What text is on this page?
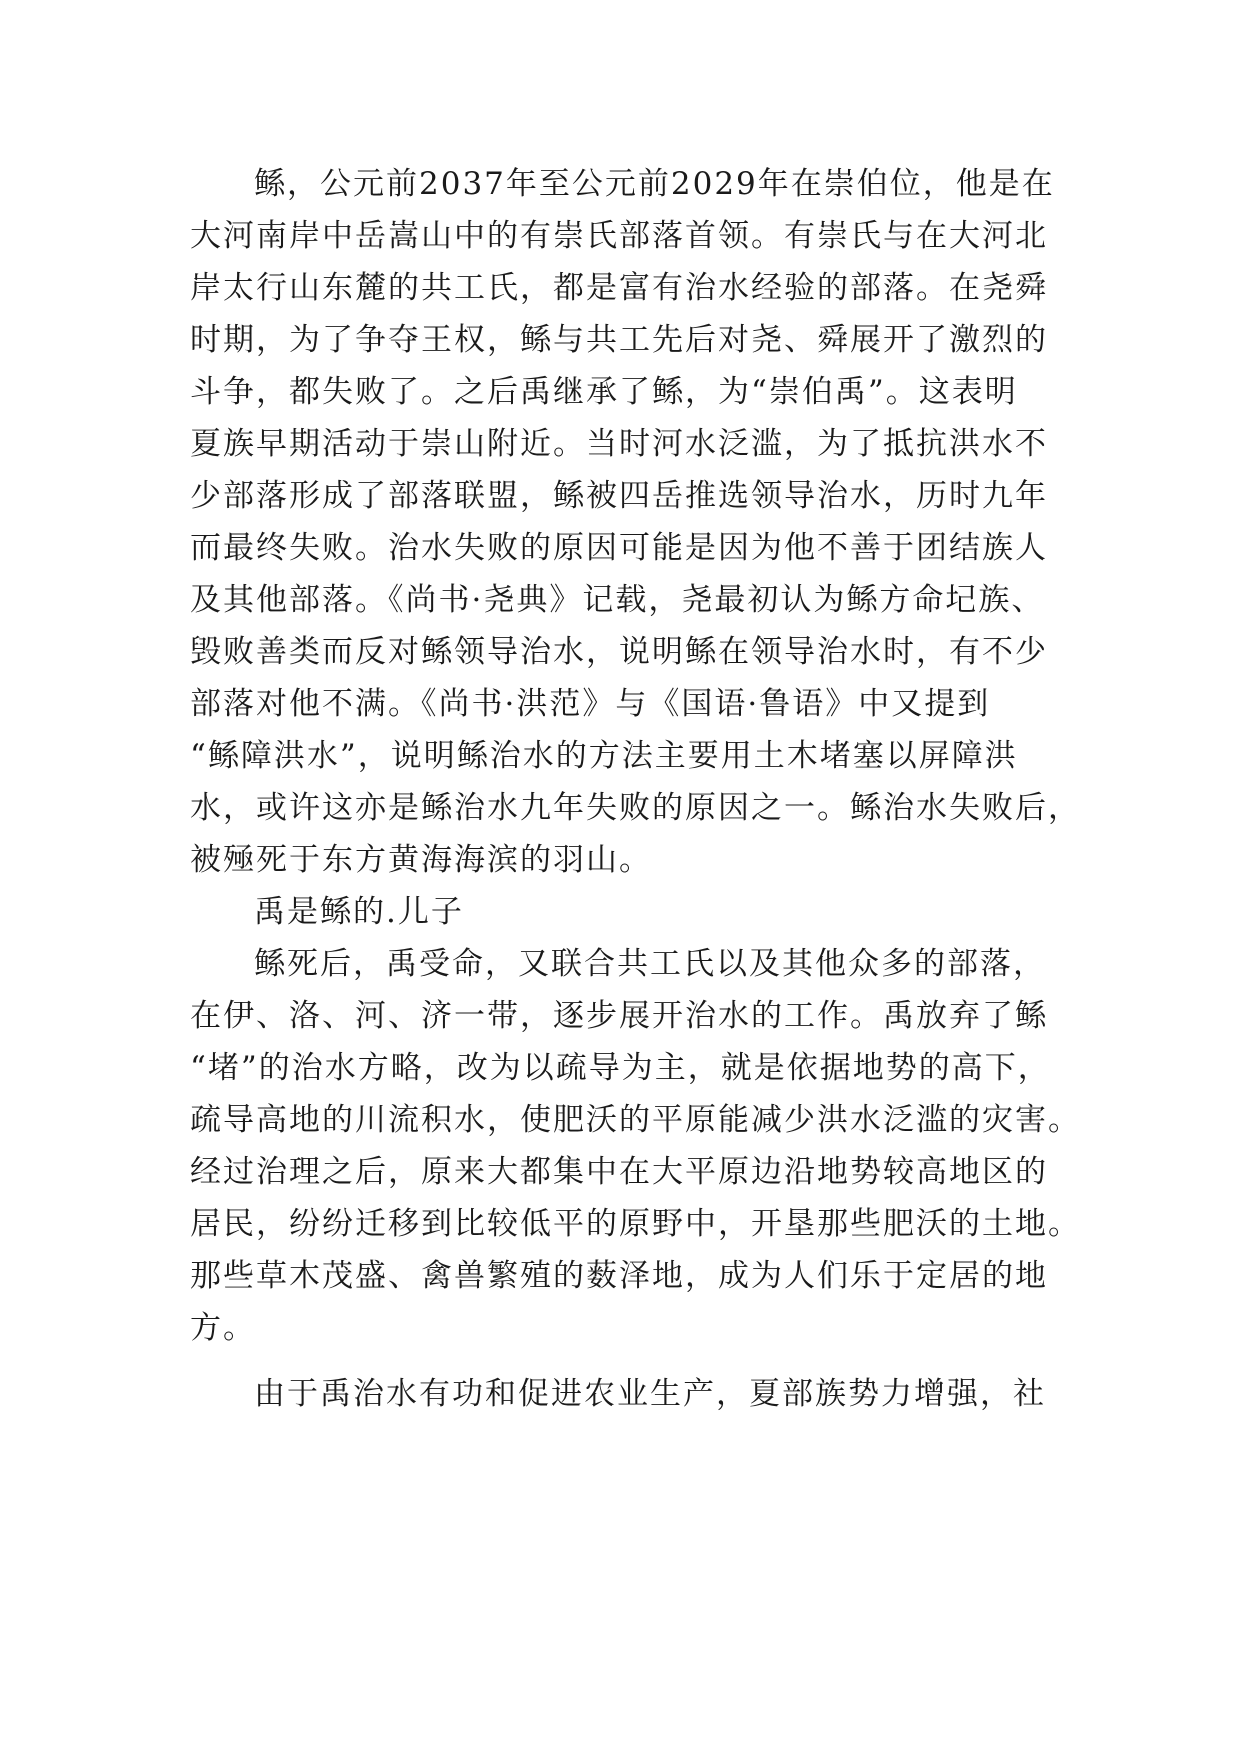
鲧，公元前2037年至公元前2029年在崇伯位，他是在
大河南岸中岳嵩山中的有崇氏部落首领。有崇氏与在大河北
岸太行山东麓的共工氏，都是富有治水经验的部落。在尧舜
时期，为了争夺王权，鲧与共工先后对尧、舜展开了激烈的
斗争，都失败了。之后禹继承了鲧，为“崇伯禹”。这表明
夏族早期活动于崇山附近。当时河水泛滥，为了抵抗洪水不
少部落形成了部落联盟，鲧被四岳推选领导治水，历时九年
而最终失败。治水失败的原因可能是因为他不善于团结族人
及其他部落。《尚书·尧典》记载，尧最初认为鲧方命圮族、
毁败善类而反对鲧领导治水，说明鲧在领导治水时，有不少
部落对他不满。《尚书·洪范》与《国语·鲁语》中又提到
“鲧障洪水”，说明鲧治水的方法主要用土木堵塞以屏障洪
水，或许这亦是鲧治水九年失败的原因之一。鲧治水失败后，
被殛死于东方黄海海滨的羽山。
禹是鲧的.儿子
鲧死后，禹受命，又联合共工氏以及其他众多的部落，
在伊、洛、河、济一带，逐步展开治水的工作。禹放弃了鲧
“堵”的治水方略，改为以疏导为主，就是依据地势的高下，
疏导高地的川流积水，使肥沃的平原能减少洪水泛滥的灾害。
经过治理之后，原来大都集中在大平原边沿地势较高地区的
居民，纷纷迁移到比较低平的原野中，开垦那些肥沃的土地。
那些草木茂盛、禽兽繁殖的薮泽地，成为人们乐于定居的地
方。
由于禹治水有功和促进农业生产，夏部族势力增强，社
